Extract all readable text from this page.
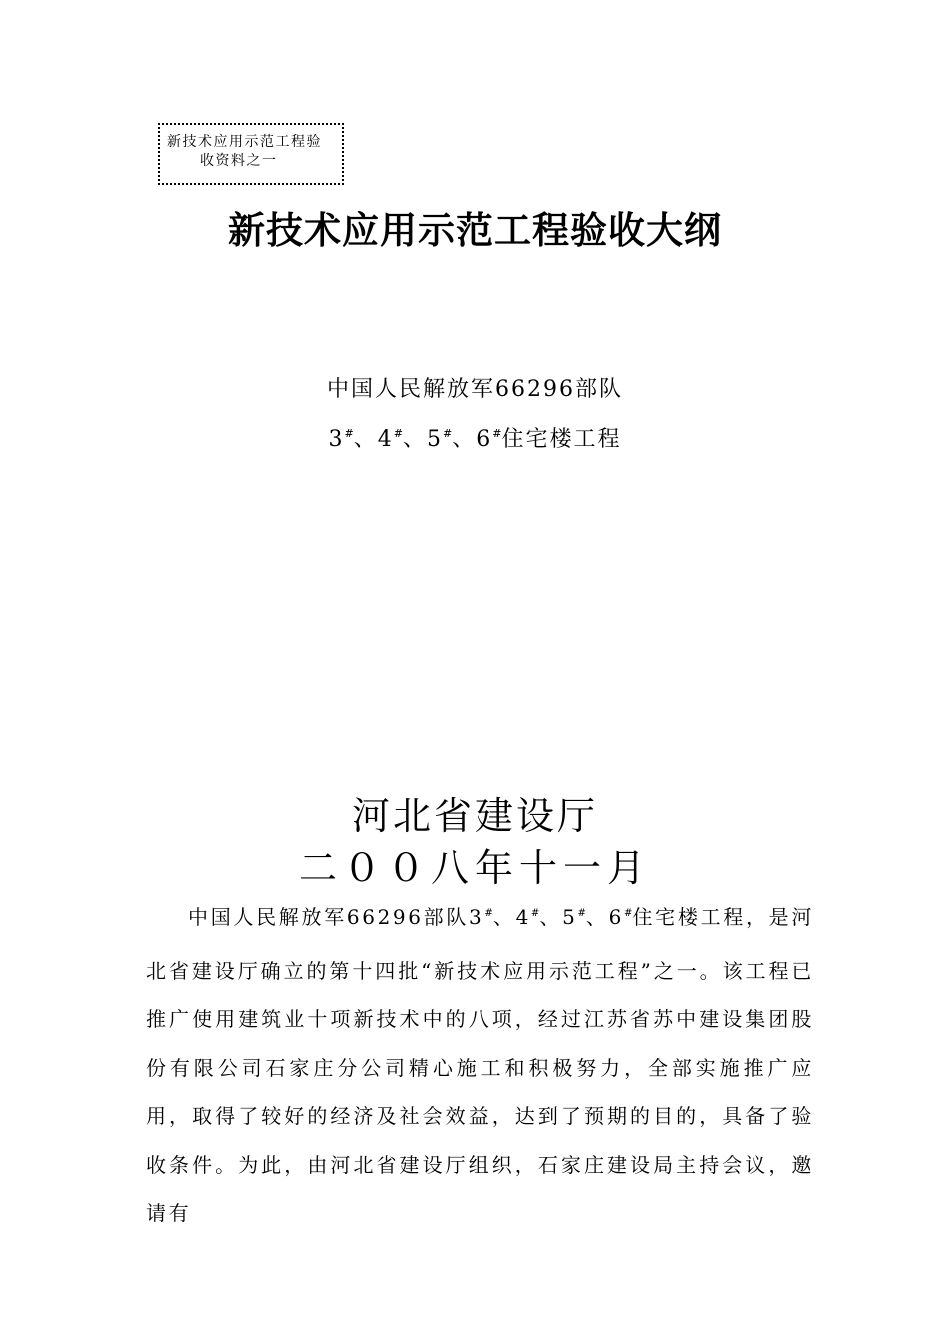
新技术应用示范工程验
收资料之一
新技术应用示范工程验收大纲
中国人民解放军66296部队
3#、4#、5#、6#住宅楼工程
河北省建设厅
二００八年十一月
中国人民解放军66296部队3#、4#、5#、6#住宅楼工程，是河北省建设厅确立的第十四批“新技术应用示范工程”之一。该工程已推广使用建筑业十项新技术中的八项，经过江苏省苏中建设集团股份有限公司石家庄分公司精心施工和积极努力，全部实施推广应用，取得了较好的经济及社会效益，达到了预期的目的，具备了验收条件。为此，由河北省建设厅组织，石家庄建设局主持会议，邀请有
